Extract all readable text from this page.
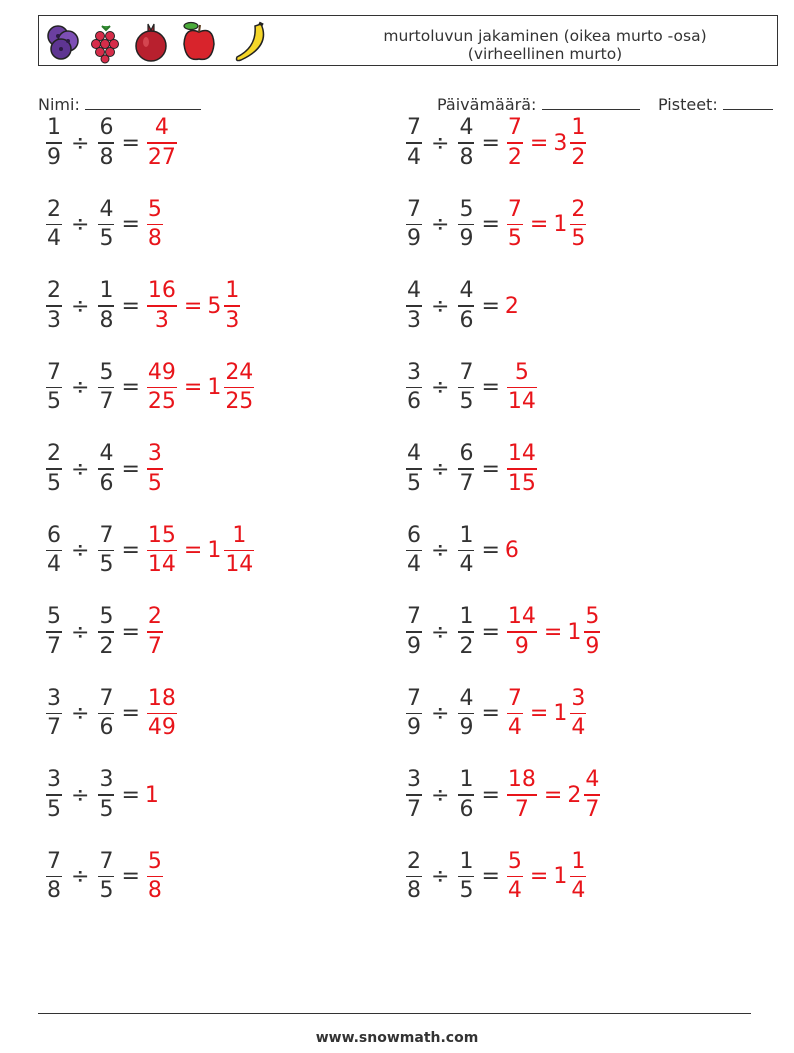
murtoluvun jakaminen (oikea murto -osa)
(virheellinen murto)
Nimi:	Päivämäärä:	Pisteet:
$\frac{1}{9} \div \frac{6}{8} = \frac{4}{27}$	$\frac{7}{4} \div \frac{4}{8} = \frac{7}{2} = 3 \frac{1}{2}$
$\frac{2}{4} \div \frac{4}{5} = \frac{5}{8}$	$\frac{7}{9} \div \frac{5}{9} = \frac{7}{5} = 1 \frac{2}{5}$
$\frac{2}{3} \div \frac{1}{8} = \frac{16}{3} = 5 \frac{1}{3}$	$\frac{4}{3} \div \frac{4}{6} = 2$
$\frac{7}{5} \div \frac{5}{7} = \frac{49}{25} = 1 \frac{24}{25}$	$\frac{3}{6} \div \frac{7}{5} = \frac{5}{14}$
$\frac{2}{5} \div \frac{4}{6} = \frac{3}{5}$	$\frac{4}{5} \div \frac{6}{7} = \frac{14}{15}$
$\frac{6}{4} \div \frac{7}{5} = \frac{15}{14} = 1 \frac{1}{14}$	$\frac{6}{4} \div \frac{1}{4} = 6$
$\frac{5}{7} \div \frac{5}{2} = \frac{2}{7}$	$\frac{7}{9} \div \frac{1}{2} = \frac{14}{9} = 1 \frac{5}{9}$
$\frac{3}{7} \div \frac{7}{6} = \frac{18}{49}$	$\frac{7}{9} \div \frac{4}{9} = \frac{7}{4} = 1 \frac{3}{4}$
$\frac{3}{5} \div \frac{3}{5} = 1$	$\frac{3}{7} \div \frac{1}{6} = \frac{18}{7} = 2 \frac{4}{7}$
$\frac{7}{8} \div \frac{7}{5} = \frac{5}{8}$	$\frac{2}{8} \div \frac{1}{5} = \frac{5}{4} = 1 \frac{1}{4}$
www.snowmath.com
